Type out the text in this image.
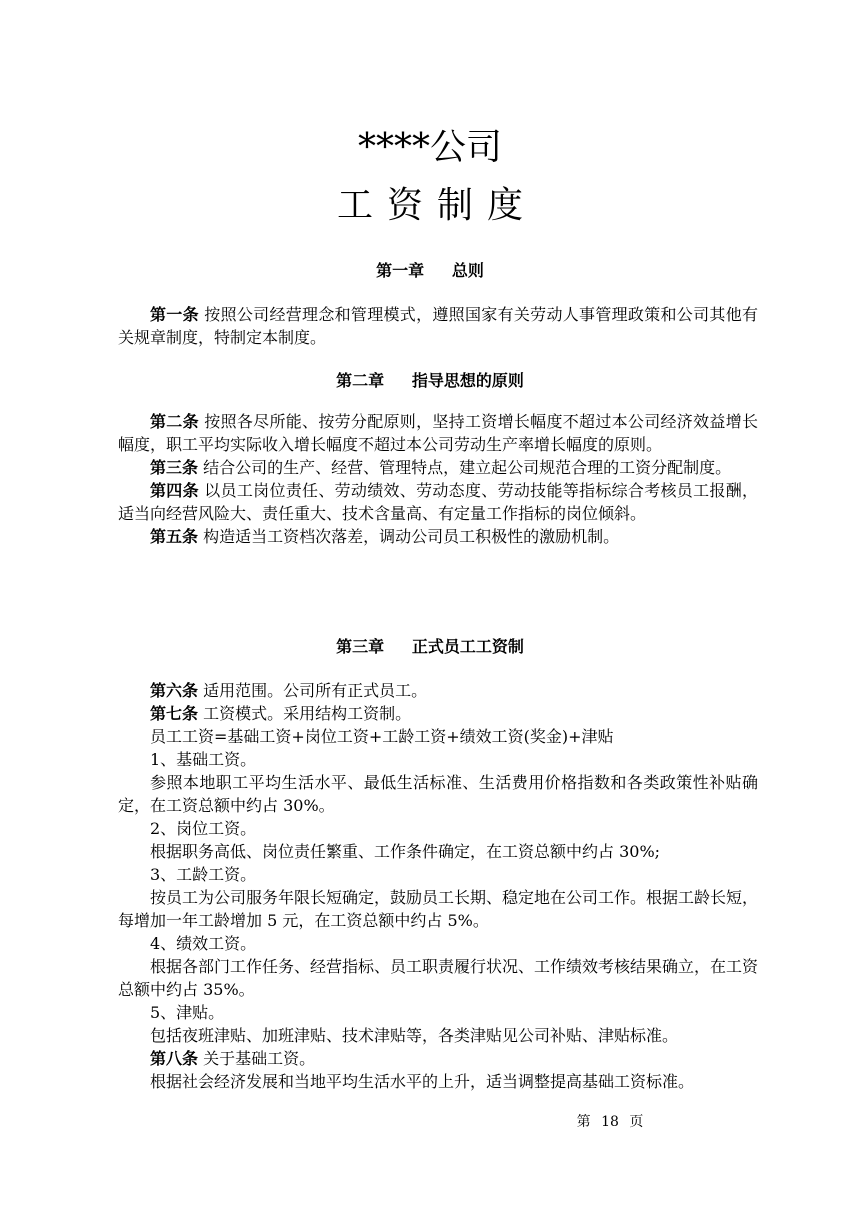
****公司
工资制度
第一章     总则

第一条 按照公司经营理念和管理模式，遵照国家有关劳动人事管理政策和公司其他有关规章制度，特制定本制度。

第二章     指导思想的原则

第二条 按照各尽所能、按劳分配原则，坚持工资增长幅度不超过本公司经济效益增长幅度，职工平均实际收入增长幅度不超过本公司劳动生产率增长幅度的原则。

第三条 结合公司的生产、经营、管理特点，建立起公司规范合理的工资分配制度。

第四条 以员工岗位责任、劳动绩效、劳动态度、劳动技能等指标综合考核员工报酬，适当向经营风险大、责任重大、技术含量高、有定量工作指标的岗位倾斜。

第五条 构造适当工资档次落差，调动公司员工积极性的激励机制。

第三章     正式员工工资制

第六条 适用范围。公司所有正式员工。

第七条 工资模式。采用结构工资制。

员工工资=基础工资+岗位工资+工龄工资+绩效工资(奖金)+津贴

1、基础工资。

参照本地职工平均生活水平、最低生活标准、生活费用价格指数和各类政策性补贴确定，在工资总额中约占 30%。

2、岗位工资。

根据职务高低、岗位责任繁重、工作条件确定，在工资总额中约占 30%;

3、工龄工资。

按员工为公司服务年限长短确定，鼓励员工长期、稳定地在公司工作。根据工龄长短，每增加一年工龄增加 5 元，在工资总额中约占 5%。

4、绩效工资。

根据各部门工作任务、经营指标、员工职责履行状况、工作绩效考核结果确立，在工资总额中约占 35%。

5、津贴。

包括夜班津贴、加班津贴、技术津贴等，各类津贴见公司补贴、津贴标准。

第八条 关于基础工资。

根据社会经济发展和当地平均生活水平的上升，适当调整提高基础工资标准。

第 18 页
